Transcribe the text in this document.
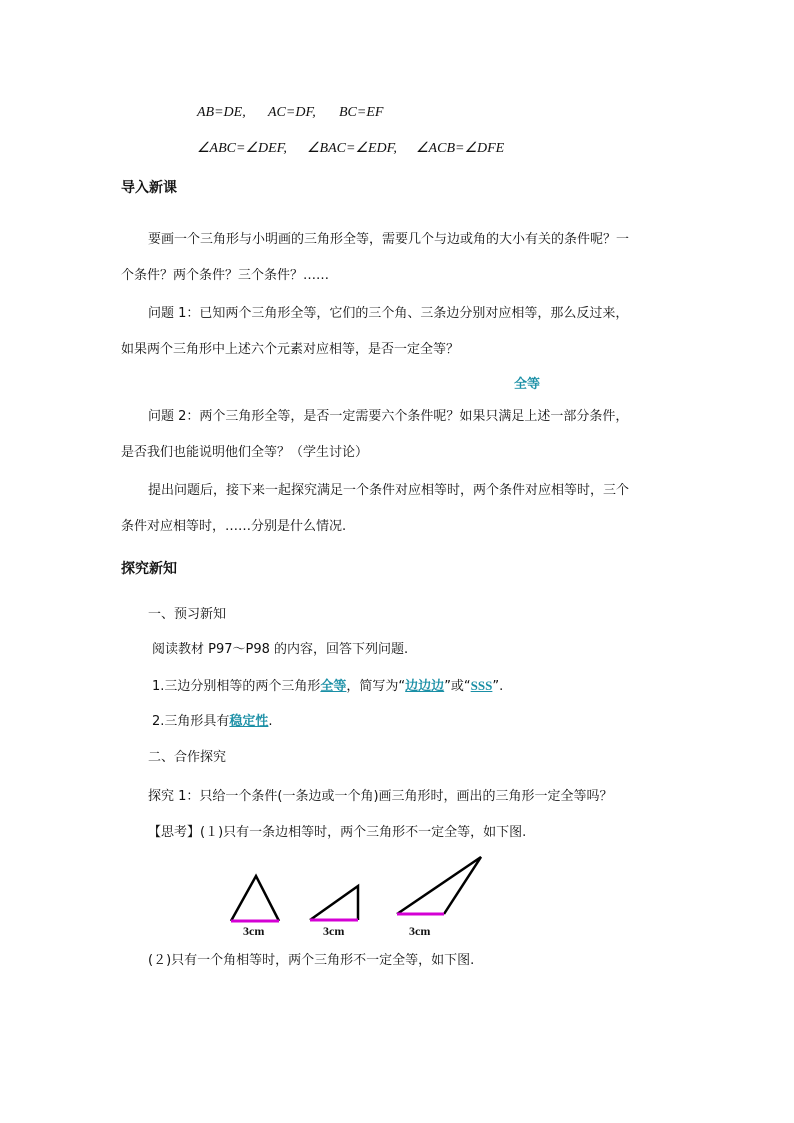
AB=DE, AC=DF, BC=EF
∠ABC=∠DEF, ∠BAC=∠EDF, ∠ACB=∠DFE
导入新课
要画一个三角形与小明画的三角形全等，需要几个与边或角的大小有关的条件呢？一
个条件？两个条件？三个条件？……
问题 1：已知两个三角形全等，它们的三个角、三条边分别对应相等，那么反过来，
如果两个三角形中上述六个元素对应相等，是否一定全等？
全等
问题 2：两个三角形全等，是否一定需要六个条件呢？如果只满足上述一部分条件，
是否我们也能说明他们全等？（学生讨论）
提出问题后，接下来一起探究满足一个条件对应相等时，两个条件对应相等时，三个
条件对应相等时，……分别是什么情况.
探究新知
一、预习新知
阅读教材 P97～P98 的内容，回答下列问题.
1.三边分别相等的两个三角形全等，简写为“边边边”或“SSS”.
2.三角形具有稳定性.
二、合作探究
探究 1：只给一个条件(一条边或一个角)画三角形时，画出的三角形一定全等吗？
【思考】(１)只有一条边相等时，两个三角形不一定全等，如下图.
3cm	3cm	3cm
(２)只有一个角相等时，两个三角形不一定全等，如下图.
